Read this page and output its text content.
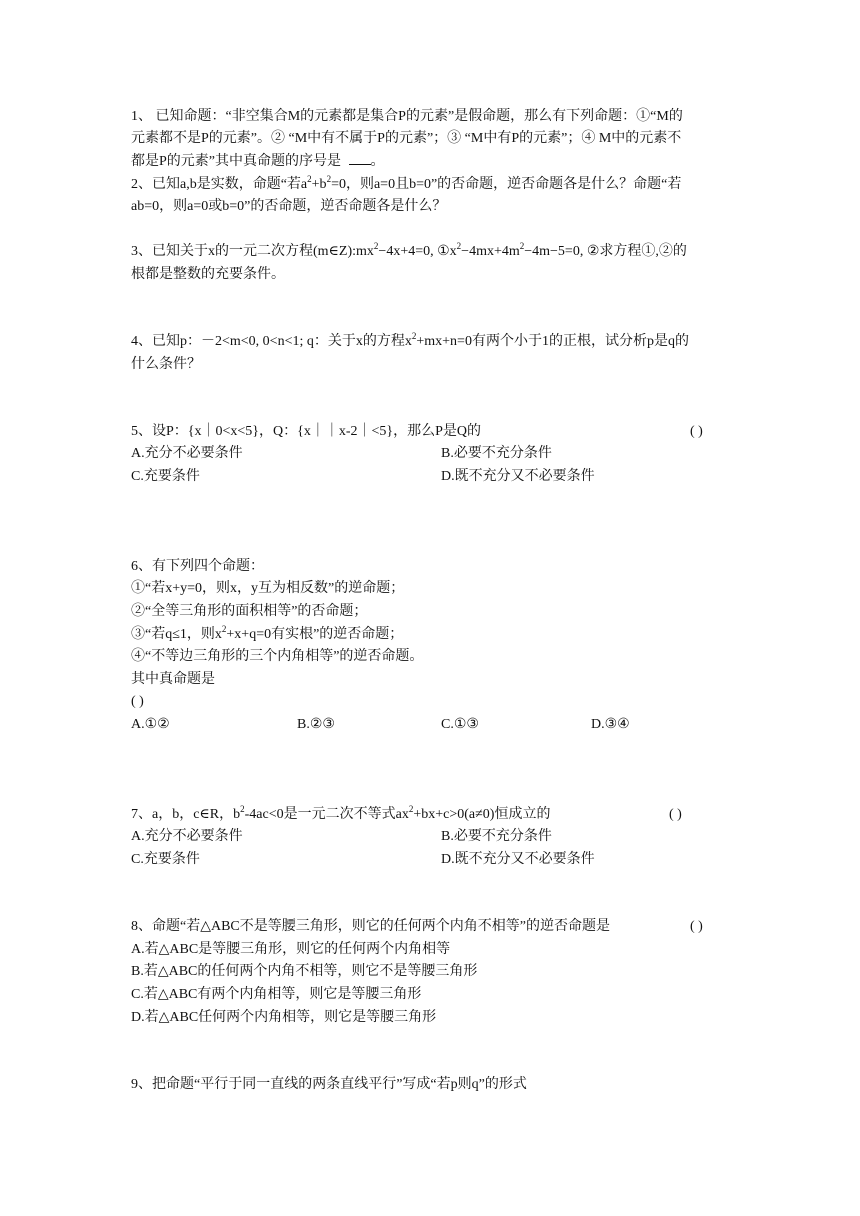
1、 已知命题：“非空集合M的元素都是集合P的元素”是假命题，那么有下列命题：①“M的
元素都不是P的元素”。② “M中有不属于P的元素”；③ “M中有P的元素”；④ M中的元素不
都是P的元素”其中真命题的序号是 。
2、已知a,b是实数，命题“若$a^2+b^2=0$，则a=0且b=0”的否命题，逆否命题各是什么？命题“若
ab=0，则a=0或b=0”的否命题，逆否命题各是什么？
3、已知关于x的一元二次方程$(m\in Z):mx^2-4x+4=0$, $①x^2-4mx+4m^2-4m-5=0$, ②求方程①,②的
根都是整数的充要条件。
4、已知p：－2<m<0, 0<n<1; q：关于x的方程$x^2+mx+n=0$有两个小于1的正根，试分析p是q的
什么条件？
5、设P：{x｜0<x<5}，Q：{x｜｜x-2｜<5}，那么P是Q的	( )
A.充分不必要条件	B.必要不充分条件
C.充要条件	D.既不充分又不必要条件
6、有下列四个命题：
①“若x+y=0，则x，y互为相反数”的逆命题；
②“全等三角形的面积相等”的否命题；
③“若q≤1，则$x^2+x+q=0$有实根”的逆否命题；
④“不等边三角形的三个内角相等”的逆否命题。
其中真命题是
( )
A.①②	B.②③	C.①③	D.③④
7、a，b，c∈R，$b^2-4ac<0$是一元二次不等式$ax^2+bx+c>0(a\ne 0)$恒成立的	( )
A.充分不必要条件	B.必要不充分条件
C.充要条件	D.既不充分又不必要条件
8、命题“若△ABC不是等腰三角形，则它的任何两个内角不相等”的逆否命题是	( )
A.若△ABC是等腰三角形，则它的任何两个内角相等
B.若△ABC的任何两个内角不相等，则它不是等腰三角形
C.若△ABC有两个内角相等，则它是等腰三角形
D.若△ABC任何两个内角相等，则它是等腰三角形
9、把命题“平行于同一直线的两条直线平行”写成“若p则q”的形式
